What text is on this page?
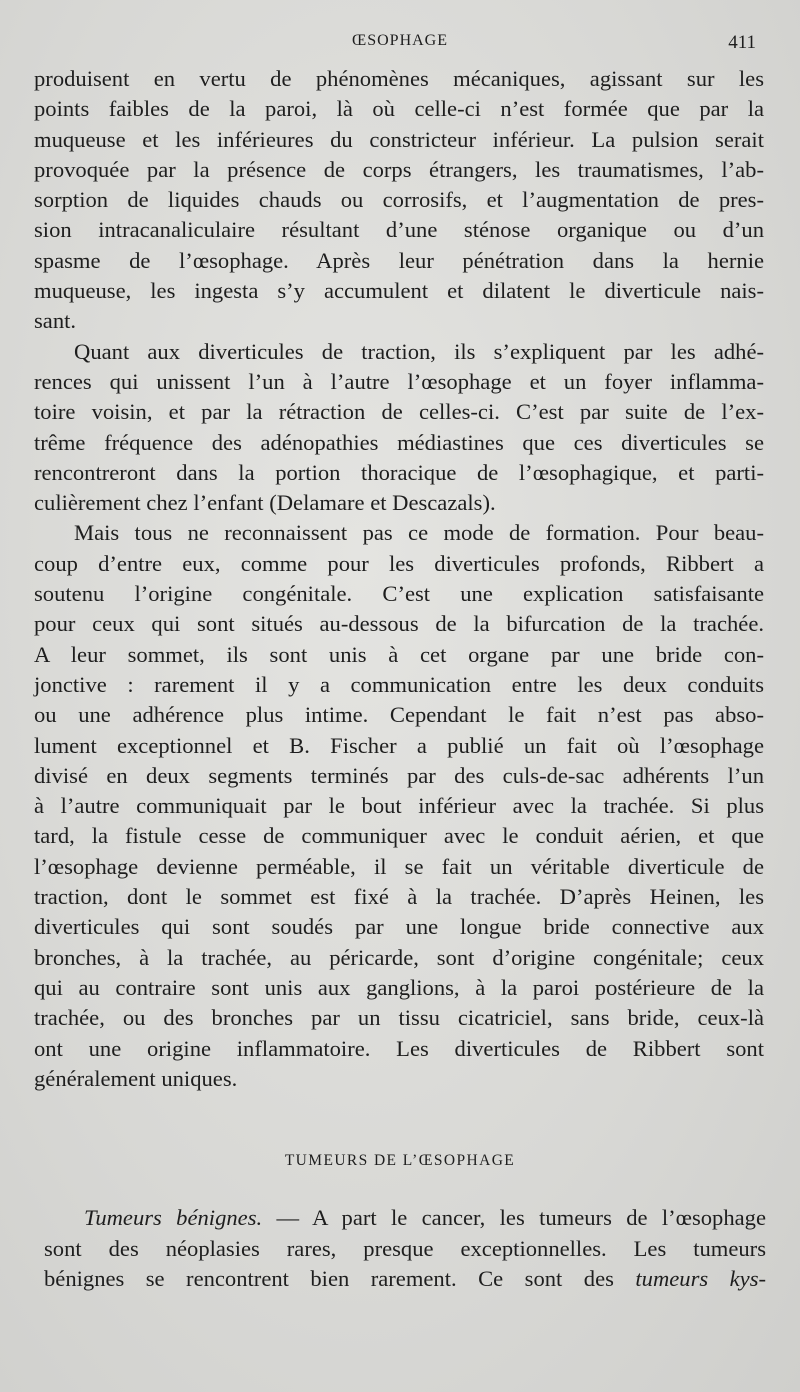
ŒSOPHAGE	411
produisent en vertu de phénomènes mécaniques, agissant sur les
points faibles de la paroi, là où celle-ci n’est formée que par la
muqueuse et les inférieures du constricteur inférieur. La pulsion serait
provoquée par la présence de corps étrangers, les traumatismes, l’ab-
sorption de liquides chauds ou corrosifs, et l’augmentation de pres-
sion intracanaliculaire résultant d’une sténose organique ou d’un
spasme de l’œsophage. Après leur pénétration dans la hernie
muqueuse, les ingesta s’y accumulent et dilatent le diverticule nais-
sant.
Quant aux diverticules de traction, ils s’expliquent par les adhé-
rences qui unissent l’un à l’autre l’œsophage et un foyer inflamma-
toire voisin, et par la rétraction de celles-ci. C’est par suite de l’ex-
trême fréquence des adénopathies médiastines que ces diverticules se
rencontreront dans la portion thoracique de l’œsophagique, et parti-
culièrement chez l’enfant (Delamare et Descazals).
Mais tous ne reconnaissent pas ce mode de formation. Pour beau-
coup d’entre eux, comme pour les diverticules profonds, Ribbert a
soutenu l’origine congénitale. C’est une explication satisfaisante
pour ceux qui sont situés au-dessous de la bifurcation de la trachée.
A leur sommet, ils sont unis à cet organe par une bride con-
jonctive : rarement il y a communication entre les deux conduits
ou une adhérence plus intime. Cependant le fait n’est pas abso-
lument exceptionnel et B. Fischer a publié un fait où l’œsophage
divisé en deux segments terminés par des culs-de-sac adhérents l’un
à l’autre communiquait par le bout inférieur avec la trachée. Si plus
tard, la fistule cesse de communiquer avec le conduit aérien, et que
l’œsophage devienne perméable, il se fait un véritable diverticule de
traction, dont le sommet est fixé à la trachée. D’après Heinen, les
diverticules qui sont soudés par une longue bride connective aux
bronches, à la trachée, au péricarde, sont d’origine congénitale; ceux
qui au contraire sont unis aux ganglions, à la paroi postérieure de la
trachée, ou des bronches par un tissu cicatriciel, sans bride, ceux-là
ont une origine inflammatoire. Les diverticules de Ribbert sont
généralement uniques.
TUMEURS DE L’ŒSOPHAGE
Tumeurs bénignes. — A part le cancer, les tumeurs de l’œsophage
sont des néoplasies rares, presque exceptionnelles. Les tumeurs
bénignes se rencontrent bien rarement. Ce sont des tumeurs kys-
